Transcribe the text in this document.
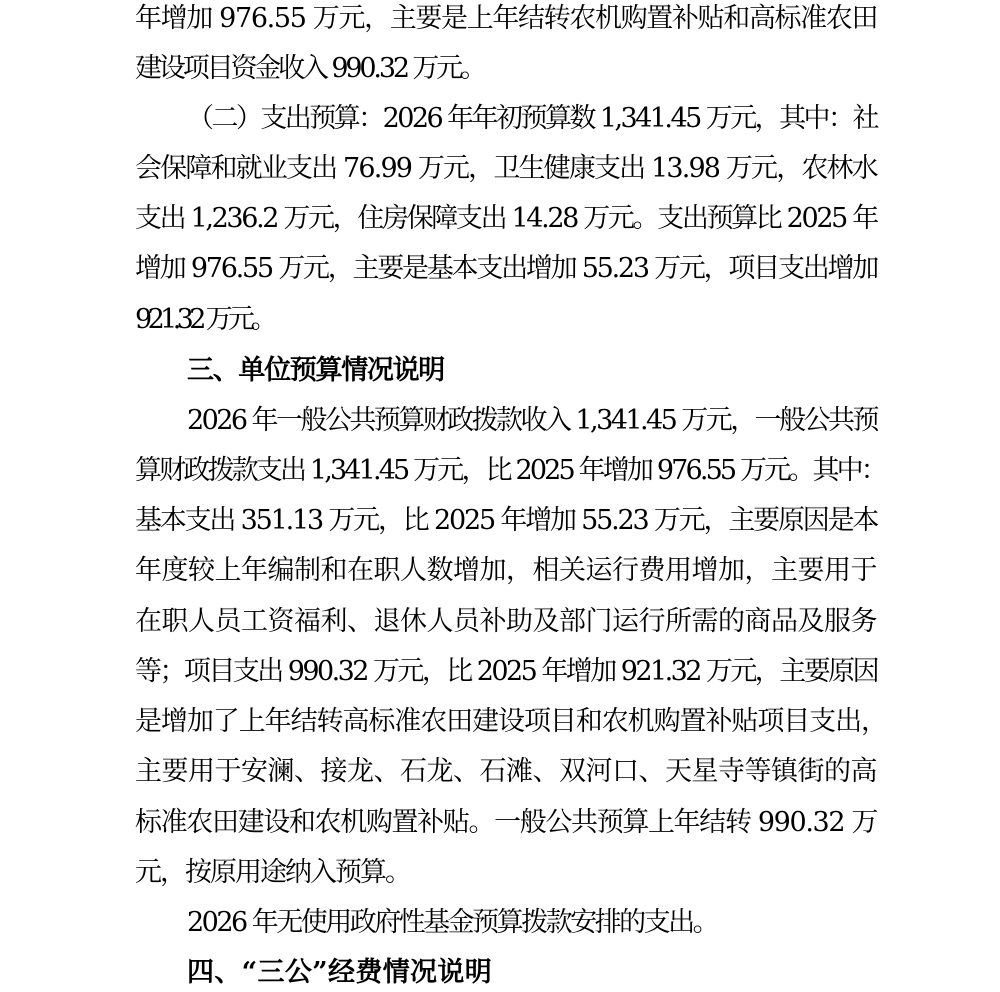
年增加 976.55 万元，主要是上年结转农机购置补贴和高标准农田
建设项目资金收入 990.32 万元。
（二）支出预算：2026 年年初预算数 1,341.45 万元，其中：社
会保障和就业支出 76.99 万元，卫生健康支出 13.98 万元，农林水
支出 1,236.2 万元，住房保障支出 14.28 万元。支出预算比 2025 年
增加 976.55 万元，主要是基本支出增加 55.23 万元，项目支出增加
921.32 万元。
三、单位预算情况说明
2026 年一般公共预算财政拨款收入 1,341.45 万元，一般公共预
算财政拨款支出 1,341.45 万元，比 2025 年增加 976.55 万元。其中：
基本支出 351.13 万元，比 2025 年增加 55.23 万元，主要原因是本
年度较上年编制和在职人数增加，相关运行费用增加，主要用于
在职人员工资福利、退休人员补助及部门运行所需的商品及服务
等；项目支出 990.32 万元，比 2025 年增加 921.32 万元，主要原因
是增加了上年结转高标准农田建设项目和农机购置补贴项目支出，
主要用于安澜、接龙、石龙、石滩、双河口、天星寺等镇街的高
标准农田建设和农机购置补贴。一般公共预算上年结转 990.32 万
元，按原用途纳入预算。
2026 年无使用政府性基金预算拨款安排的支出。
四、“三公”经费情况说明
